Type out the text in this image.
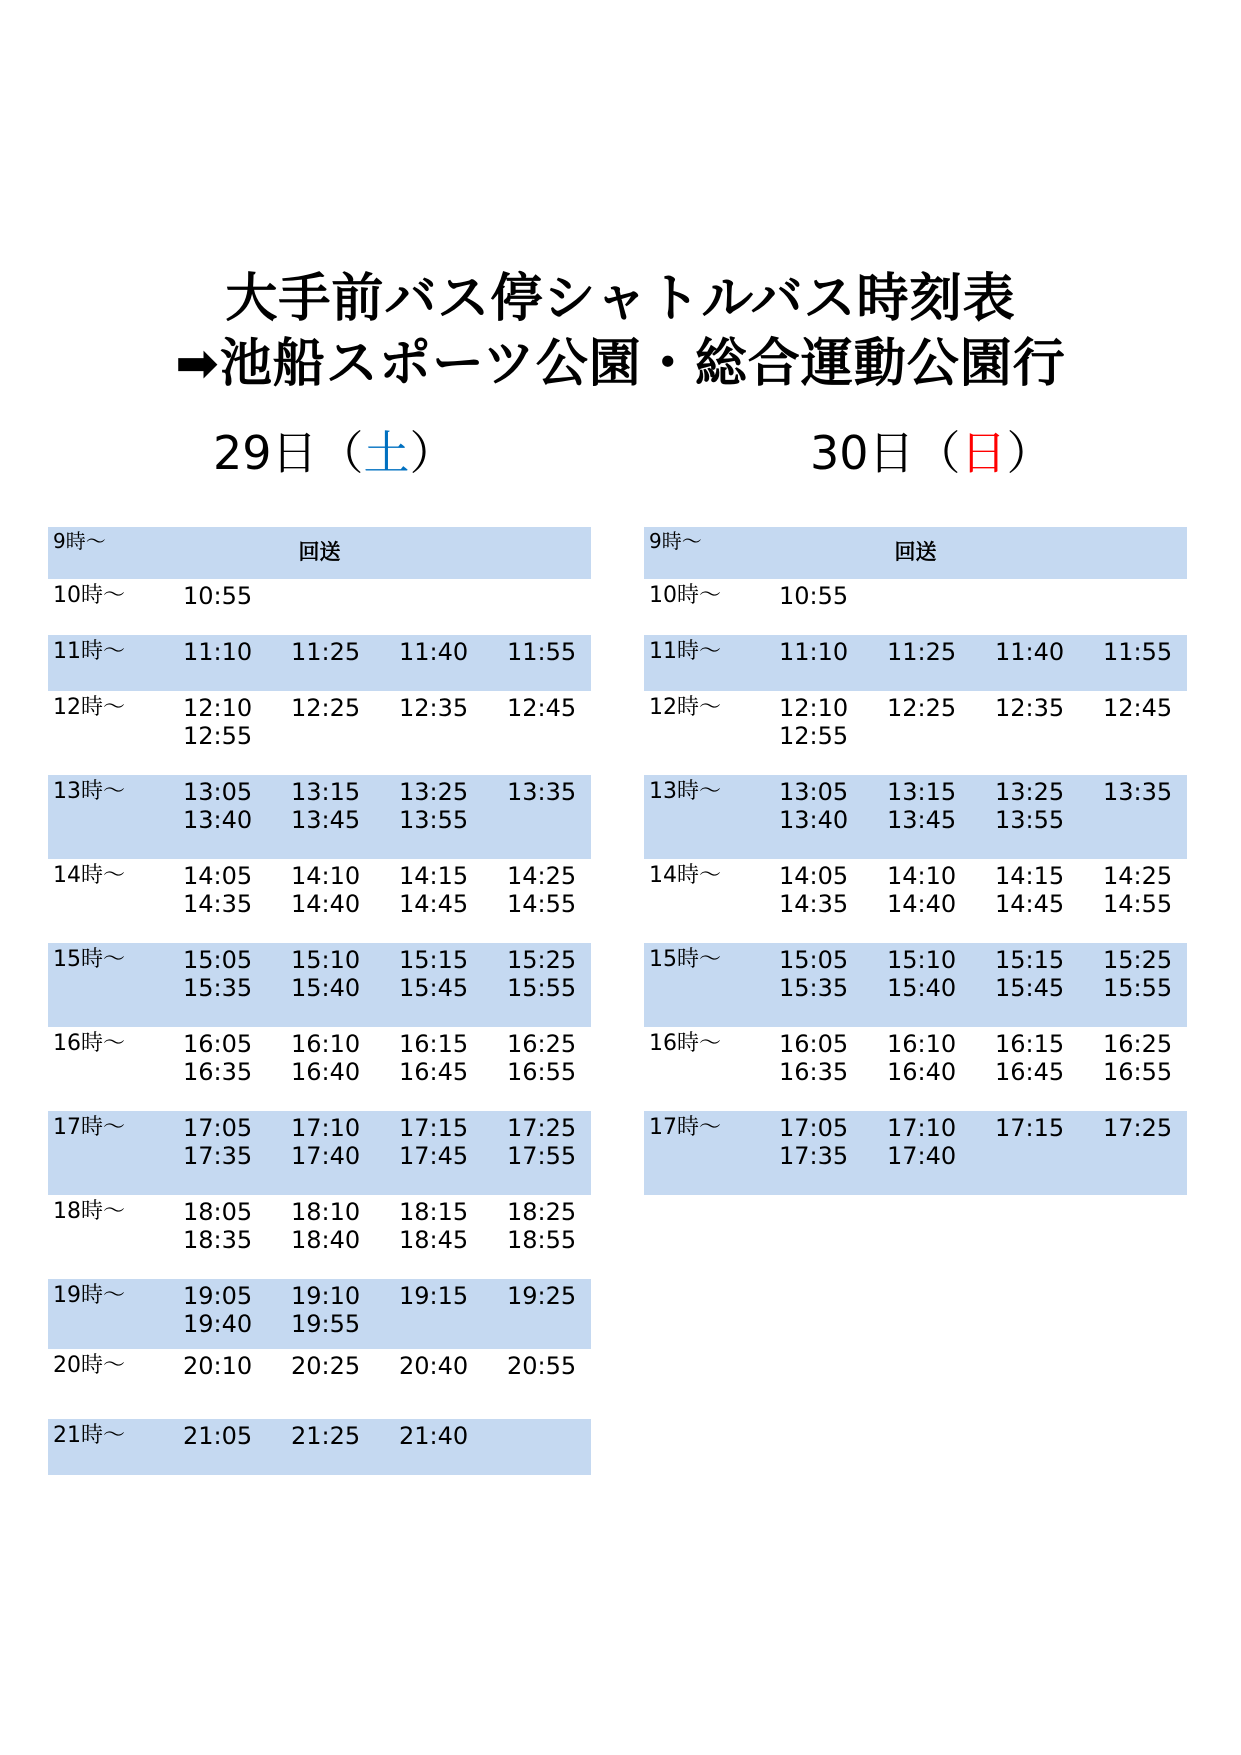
大手前バス停シャトルバス時刻表
➡池船スポーツ公園・総合運動公園行
29日（土）	30日（日）
9時～	回送
10時～ 10:55
11時～ 11:10	11:25	11:40	11:55
12時～ 12:10	12:25	12:35	12:45
12:55
13時～ 13:05	13:15	13:25	13:35
13:40	13:45	13:55
14時～ 14:05	14:10	14:15	14:25
14:35	14:40	14:45	14:55
15時～ 15:05	15:10	15:15	15:25
15:35	15:40	15:45	15:55
16時～ 16:05	16:10	16:15	16:25
16:35	16:40	16:45	16:55
17時～ 17:05	17:10	17:15	17:25
17:35	17:40	17:45	17:55
18時～ 18:05	18:10	18:15	18:25
18:35	18:40	18:45	18:55
19時～ 19:05	19:10	19:15	19:25
19:40	19:55
20時～ 20:10	20:25	20:40	20:55
21時～ 21:05	21:25	21:40
9時～	回送
10時～ 10:55
11時～ 11:10	11:25	11:40	11:55
12時～ 12:10	12:25	12:35	12:45
12:55
13時～ 13:05	13:15	13:25	13:35
13:40	13:45	13:55
14時～ 14:05	14:10	14:15	14:25
14:35	14:40	14:45	14:55
15時～ 15:05	15:10	15:15	15:25
15:35	15:40	15:45	15:55
16時～ 16:05	16:10	16:15	16:25
16:35	16:40	16:45	16:55
17時～ 17:05	17:10	17:15	17:25
17:35	17:40
